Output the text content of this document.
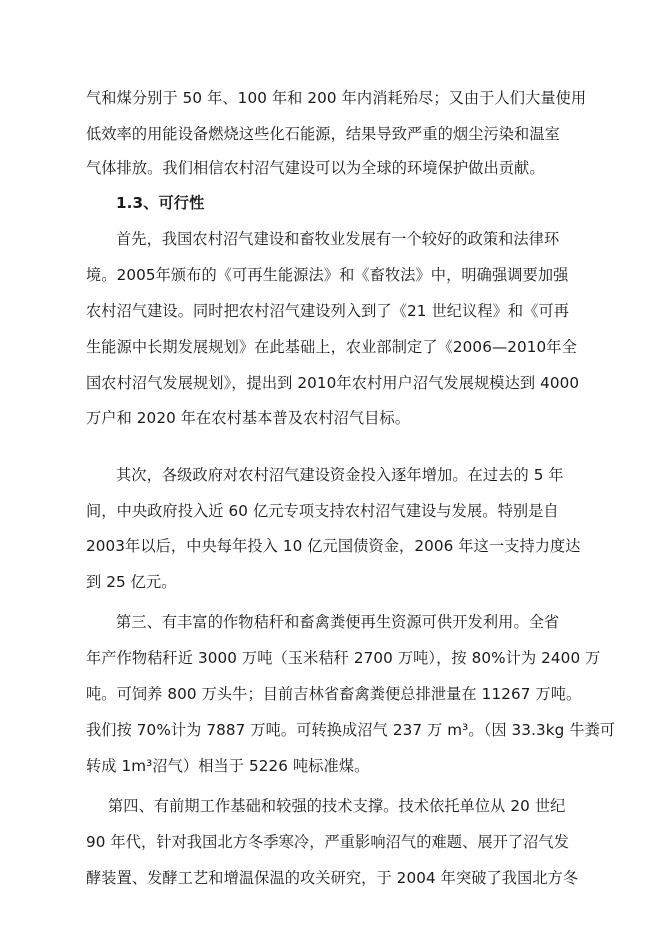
气和煤分别于 50 年、100 年和 200 年内消耗殆尽；又由于人们大量使用
低效率的用能设备燃烧这些化石能源，结果导致严重的烟尘污染和温室
气体排放。我们相信农村沼气建设可以为全球的环境保护做出贡献。
1.3、可行性
首先，我国农村沼气建设和畜牧业发展有一个较好的政策和法律环
境。2005年颁布的《可再生能源法》和《畜牧法》中，明确强调要加强
农村沼气建设。同时把农村沼气建设列入到了《21 世纪议程》和《可再
生能源中长期发展规划》在此基础上，农业部制定了《2006—2010年全
国农村沼气发展规划》，提出到 2010年农村用户沼气发展规模达到 4000
万户和 2020 年在农村基本普及农村沼气目标。
其次，各级政府对农村沼气建设资金投入逐年增加。在过去的 5 年
间，中央政府投入近 60 亿元专项支持农村沼气建设与发展。特别是自
2003年以后，中央每年投入 10 亿元国债资金，2006 年这一支持力度达
到 25 亿元。
第三、有丰富的作物秸秆和畜禽粪便再生资源可供开发利用。全省
年产作物秸秆近 3000 万吨（玉米秸秆 2700 万吨），按 80%计为 2400 万
吨。可饲养 800 万头牛；目前吉林省畜禽粪便总排泄量在 11267 万吨。
我们按 70%计为 7887 万吨。可转换成沼气 237 万 m³。（因 33.3kg 牛粪可
转成 1m³沼气）相当于 5226 吨标准煤。
第四、有前期工作基础和较强的技术支撑。技术依托单位从 20 世纪
90 年代，针对我国北方冬季寒冷，严重影响沼气的难题、展开了沼气发
酵装置、发酵工艺和增温保温的攻关研究，于 2004 年突破了我国北方冬
